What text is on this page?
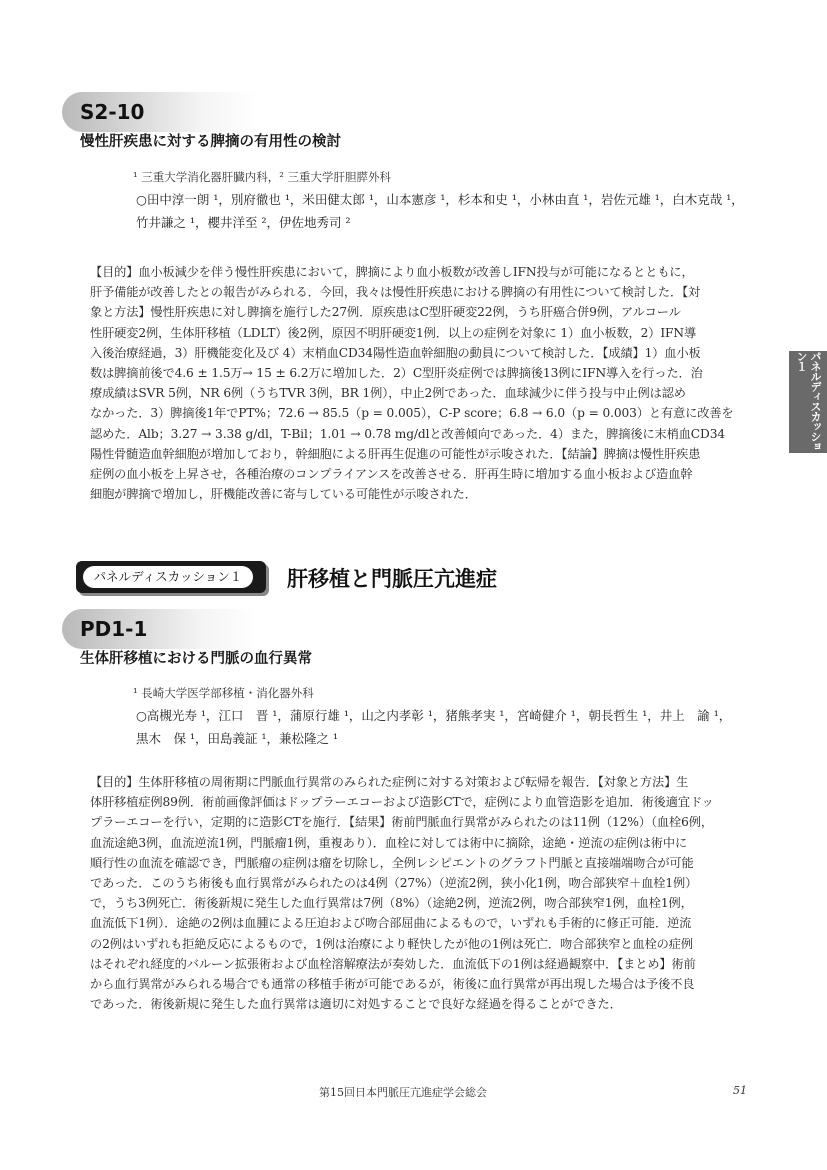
S2-10
慢性肝疾患に対する脾摘の有用性の検討
¹ 三重大学消化器肝臓内科，² 三重大学肝胆膵外科
○田中淳一朗 ¹，別府徹也 ¹，米田健太郎 ¹，山本憲彦 ¹，杉本和史 ¹，小林由直 ¹，岩佐元雄 ¹，白木克哉 ¹，
竹井謙之 ¹，櫻井洋至 ²，伊佐地秀司 ²
【目的】血小板減少を伴う慢性肝疾患において，脾摘により血小板数が改善しIFN投与が可能になるとともに，
肝予備能が改善したとの報告がみられる．今回，我々は慢性肝疾患における脾摘の有用性について検討した．【対
象と方法】慢性肝疾患に対し脾摘を施行した27例．原疾患はC型肝硬変22例，うち肝癌合併9例，アルコール
性肝硬変2例，生体肝移植（LDLT）後2例，原因不明肝硬変1例．以上の症例を対象に 1）血小板数，2）IFN導
入後治療経過，3）肝機能変化及び 4）末梢血CD34陽性造血幹細胞の動員について検討した．【成績】1）血小板
数は脾摘前後で4.6 ± 1.5万→ 15 ± 6.2万に増加した．2）C型肝炎症例では脾摘後13例にIFN導入を行った．治
療成績はSVR 5例，NR 6例（うちTVR 3例，BR 1例），中止2例であった．血球減少に伴う投与中止例は認め
なかった．3）脾摘後1年でPT%；72.6 → 85.5（p = 0.005），C-P score；6.8 → 6.0（p = 0.003）と有意に改善を
認めた．Alb；3.27 → 3.38 g/dl，T-Bil；1.01 → 0.78 mg/dlと改善傾向であった．4）また，脾摘後に末梢血CD34
陽性骨髄造血幹細胞が増加しており，幹細胞による肝再生促進の可能性が示唆された．【結論】脾摘は慢性肝疾患
症例の血小板を上昇させ，各種治療のコンプライアンスを改善させる．肝再生時に増加する血小板および造血幹
細胞が脾摘で増加し，肝機能改善に寄与している可能性が示唆された．
パネルディスカッション１
パネルディスカッション１	肝移植と門脈圧亢進症
PD1-1
生体肝移植における門脈の血行異常
¹ 長崎大学医学部移植・消化器外科
○高槻光寿 ¹，江口　晋 ¹，蒲原行雄 ¹，山之内孝彰 ¹，猪熊孝実 ¹，宮崎健介 ¹，朝長哲生 ¹，井上　諭 ¹，
黒木　保 ¹，田島義証 ¹，兼松隆之 ¹
【目的】生体肝移植の周術期に門脈血行異常のみられた症例に対する対策および転帰を報告．【対象と方法】生
体肝移植症例89例．術前画像評価はドップラーエコーおよび造影CTで，症例により血管造影を追加．術後適宜ドッ
プラーエコーを行い，定期的に造影CTを施行．【結果】術前門脈血行異常がみられたのは11例（12%）（血栓6例，
血流途絶3例，血流逆流1例，門脈瘤1例，重複あり）．血栓に対しては術中に摘除，途絶・逆流の症例は術中に
順行性の血流を確認でき，門脈瘤の症例は瘤を切除し，全例レシピエントのグラフト門脈と直接端端吻合が可能
であった．このうち術後も血行異常がみられたのは4例（27%）（逆流2例，狭小化1例，吻合部狭窄＋血栓1例）
で，うち3例死亡．術後新規に発生した血行異常は7例（8%）（途絶2例，逆流2例，吻合部狭窄1例，血栓1例，
血流低下1例）．途絶の2例は血腫による圧迫および吻合部屈曲によるもので，いずれも手術的に修正可能．逆流
の2例はいずれも拒絶反応によるもので，1例は治療により軽快したが他の1例は死亡．吻合部狭窄と血栓の症例
はそれぞれ経度的バルーン拡張術および血栓溶解療法が奏効した．血流低下の1例は経過観察中．【まとめ】術前
から血行異常がみられる場合でも通常の移植手術が可能であるが，術後に血行異常が再出現した場合は予後不良
であった．術後新規に発生した血行異常は適切に対処することで良好な経過を得ることができた．
第15回日本門脈圧亢進症学会総会	51
